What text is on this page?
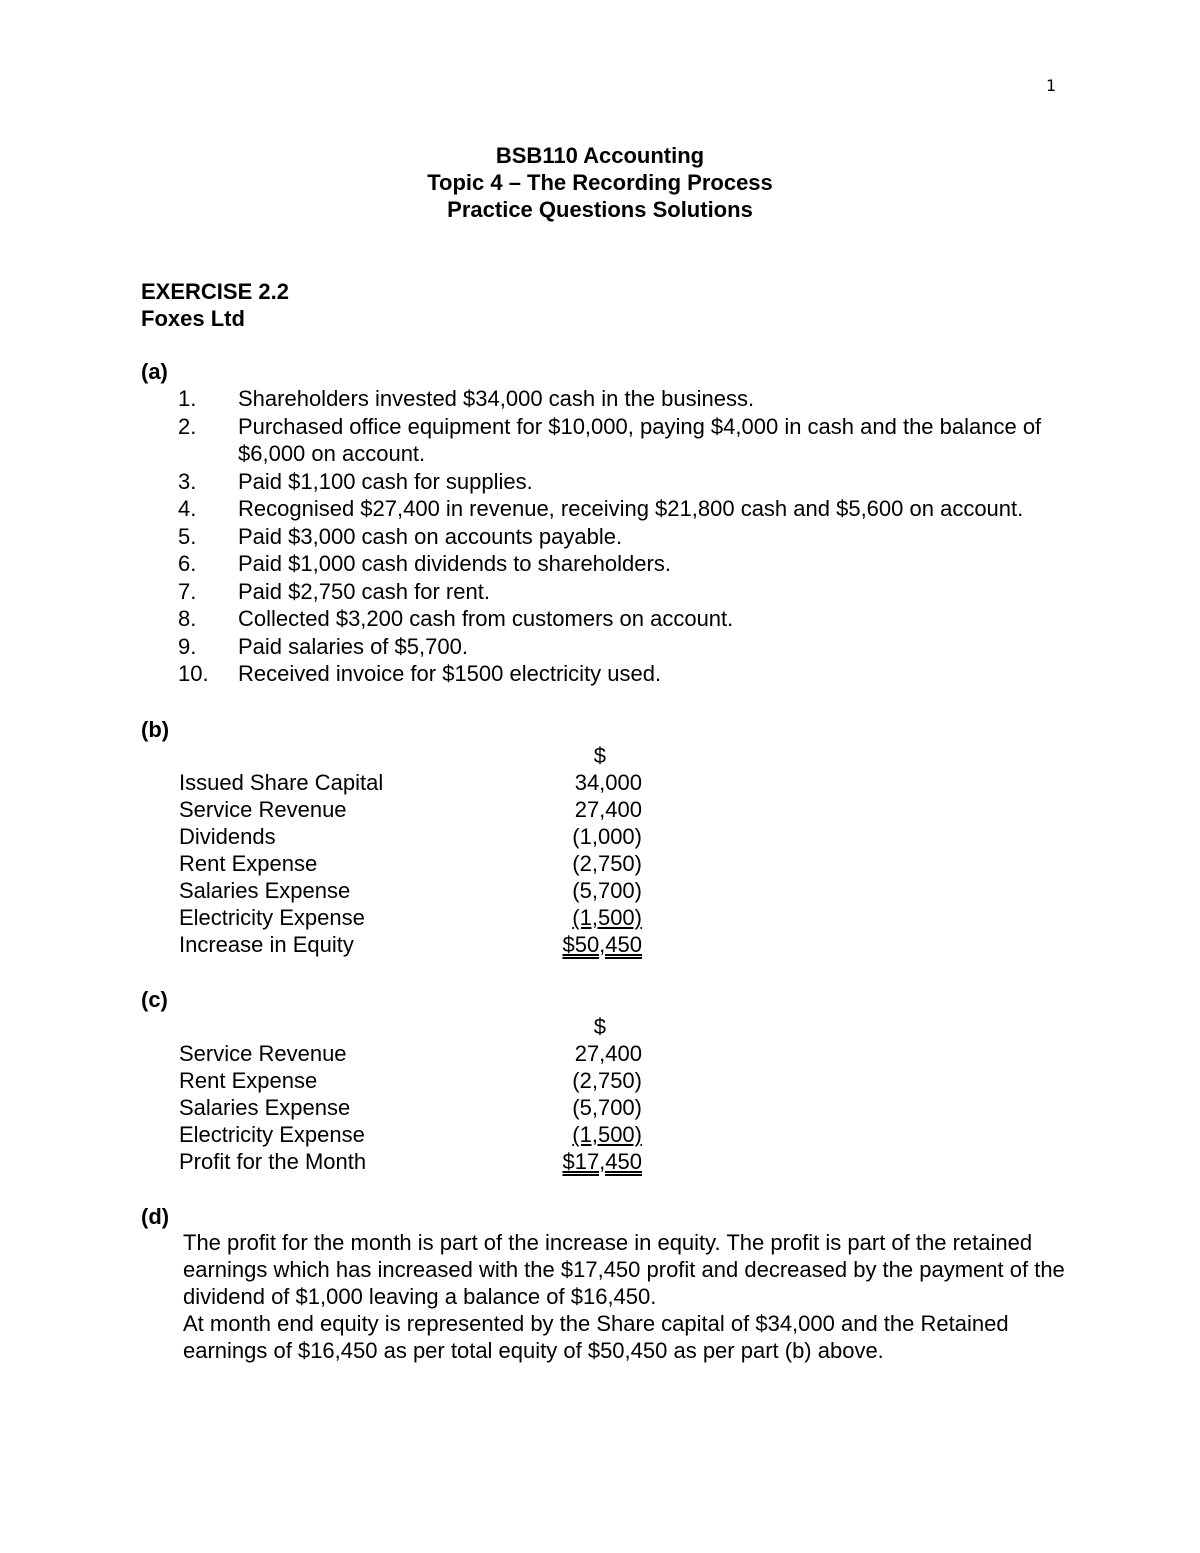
1
BSB110 Accounting
Topic 4 – The Recording Process
Practice Questions Solutions
EXERCISE 2.2
Foxes Ltd
(a)
1.	Shareholders invested $34,000 cash in the business.
2.	Purchased office equipment for $10,000, paying $4,000 in cash and the balance of $6,000 on account.
3.	Paid $1,100 cash for supplies.
4.	Recognised $27,400 in revenue, receiving $21,800 cash and $5,600 on account.
5.	Paid $3,000 cash on accounts payable.
6.	Paid $1,000 cash dividends to shareholders.
7.	Paid $2,750 cash for rent.
8.	Collected $3,200 cash from customers on account.
9.	Paid salaries of $5,700.
10.	Received invoice for $1500 electricity used.
(b)
$
Issued Share Capital	34,000
Service Revenue	27,400
Dividends	(1,000)
Rent Expense	(2,750)
Salaries Expense	(5,700)
Electricity Expense	(1,500)
Increase in Equity	$50,450
(c)
$
Service Revenue	27,400
Rent Expense	(2,750)
Salaries Expense	(5,700)
Electricity Expense	(1,500)
Profit for the Month	$17,450
(d)
The profit for the month is part of the increase in equity. The profit is part of the retained earnings which has increased with the $17,450 profit and decreased by the payment of the dividend of $1,000 leaving a balance of $16,450.
At month end equity is represented by the Share capital of $34,000 and the Retained earnings of $16,450 as per total equity of $50,450 as per part (b) above.
